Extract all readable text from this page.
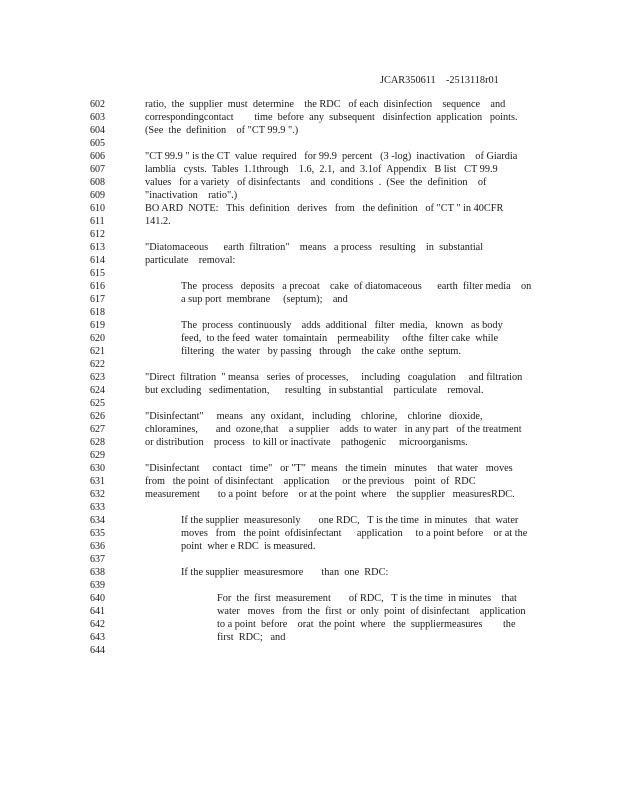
JCAR350611    -2513118r01
602
603
604
605
606
607
608
609
610
611
612
613
614
615
616
617
618
619
620
621
622
623
624
625
626
627
628
629
630
631
632
633
634
635
636
637
638
639
640
641
642
643
644
ratio,  the  supplier  must  determine    the RDC   of each  disinfection    sequence    and
correspondingcontact        time  before  any  subsequent   disinfection  application   points.
(See  the  definition    of "CT 99.9 ".)
"CT 99.9 " is the CT  value  required   for 99.9  percent   (3 -log)  inactivation    of Giardia
lamblia   cysts.  Tables  1.1through    1.6,  2.1,  and  3.1of  Appendix   B list   CT 99.9
values   for a variety   of disinfectants    and  conditions  .  (See  the  definition    of
"inactivation    ratio".)
BO ARD  NOTE:   This  definition   derives   from   the definition   of "CT " in 40CFR
141.2.
"Diatomaceous      earth  filtration"    means   a process   resulting    in  substantial
particulate    removal:
The  process   deposits   a precoat    cake  of diatomaceous      earth  filter media    on
a sup port  membrane     (septum);    and
The  process  continuously    adds  additional   filter  media,   known   as body
feed,  to the feed  water  tomaintain    permeability     ofthe  filter cake  while
filtering   the water   by passing   through    the cake  onthe  septum.
"Direct  filtration  " meansa   series  of processes,     including   coagulation     and filtration
but excluding   sedimentation,      resulting   in substantial    particulate    removal.
"Disinfectant"     means   any  oxidant,   including    chlorine,    chlorine   dioxide,
chloramines,       and  ozone,that    a supplier    adds  to water   in any part   of the treatment
or distribution    process   to kill or inactivate    pathogenic     microorganisms.
"Disinfectant     contact   time"   or "T"  means   the timein   minutes    that water   moves
from   the point  of disinfectant    application     or the previous    point  of  RDC
measurement       to a point  before    or at the point  where    the supplier   measuresRDC.
If the supplier  measuresonly       one RDC,   T is the time  in minutes   that  water
moves   from   the point  ofdisinfectant      application     to a point before    or at the
point  wher e RDC  is measured.
If the supplier  measuresmore       than  one  RDC:
For  the  first  measurement       of RDC,   T is the time  in minutes    that
water   moves   from  the  first  or  only  point  of disinfectant    application
to a point  before    orat  the point  where   the  suppliermeasures        the
first  RDC;   and
